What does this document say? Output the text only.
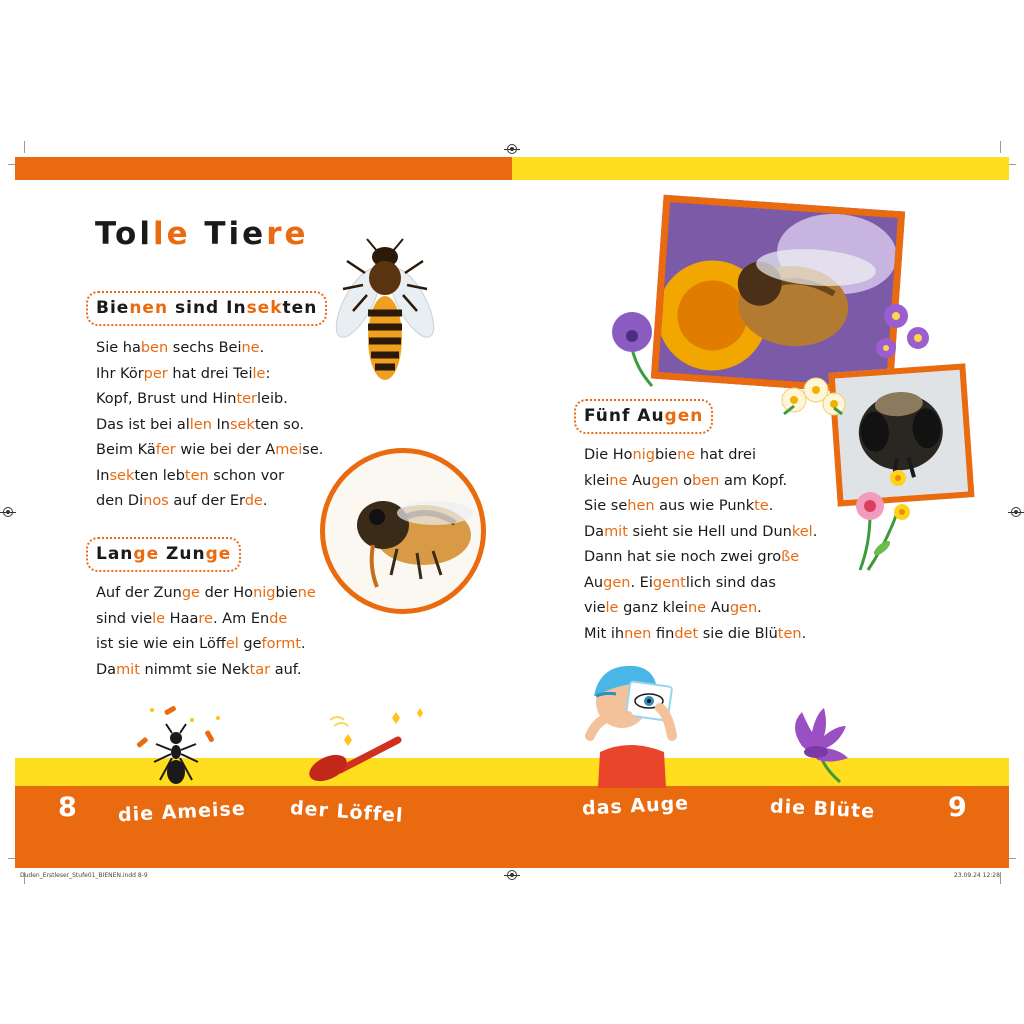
Tolle Tiere
Bienen sind Insekten
Sie haben sechs Beine.
Ihr Körper hat drei Teile:
Kopf, Brust und Hinterleib.
Das ist bei allen Insekten so.
Beim Käfer wie bei der Ameise.
Insekten lebten schon vor
den Dinos auf der Erde.
Lange Zunge
Auf der Zunge der Honigbiene
sind viele Haare. Am Ende
ist sie wie ein Löffel geformt.
Damit nimmt sie Nektar auf.
Fünf Augen
Die Honigbiene hat drei
kleine Augen oben am Kopf.
Sie sehen aus wie Punkte.
Damit sieht sie Hell und Dunkel.
Dann hat sie noch zwei große
Augen. Eigentlich sind das
viele ganz kleine Augen.
Mit ihnen findet sie die Blüten.
8 die Ameise der Löffel	das Auge	die Blüte	9
Duden_Erstleser_Stufe01_BIENEN.indd 8-9	23.09.24 12:28
